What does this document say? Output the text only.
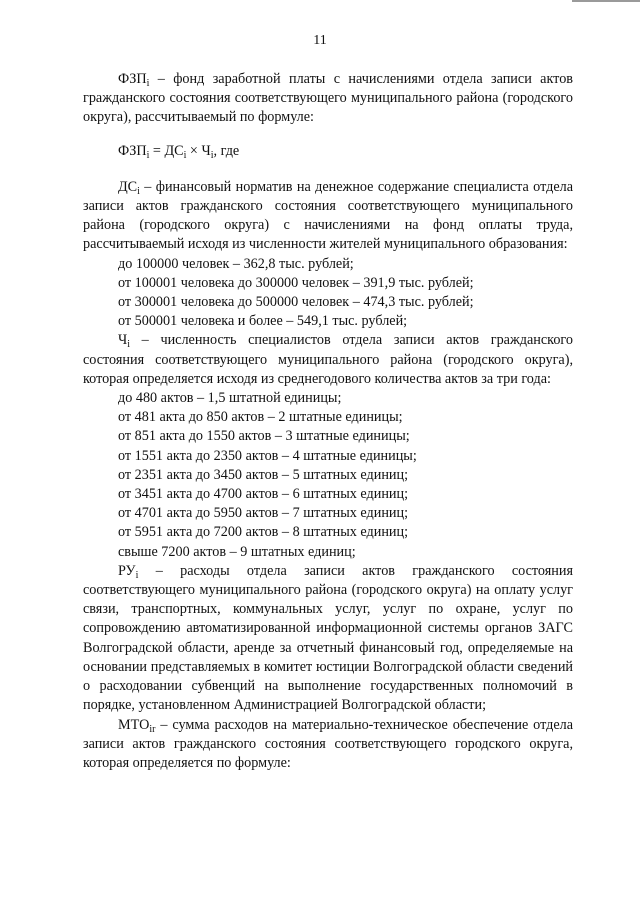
11

$ФЗП_i$ – фонд заработной платы с начислениями отдела записи актов гражданского состояния соответствующего муниципального района (городского округа), рассчитываемый по формуле:

$ФЗП_i = ДС_i \times Ч_i$, где

$ДС_i$ – финансовый норматив на денежное содержание специалиста отдела записи актов гражданского состояния соответствующего муниципального района (городского округа) с начислениями на фонд оплаты труда, рассчитываемый исходя из численности жителей муниципального образования:

до 100000 человек – 362,8 тыс. рублей;

от 100001 человека до 300000 человек – 391,9 тыс. рублей;

от 300001 человека до 500000 человек – 474,3 тыс. рублей;

от 500001 человека и более – 549,1 тыс. рублей;

$Ч_i$ – численность специалистов отдела записи актов гражданского состояния соответствующего муниципального района (городского округа), которая определяется исходя из среднегодового количества актов за три года:

до 480 актов – 1,5 штатной единицы;

от 481 акта до 850 актов – 2 штатные единицы;

от 851 акта до 1550 актов – 3 штатные единицы;

от 1551 акта до 2350 актов – 4 штатные единицы;

от 2351 акта до 3450 актов – 5 штатных единиц;

от 3451 акта до 4700 актов – 6 штатных единиц;

от 4701 акта до 5950 актов – 7 штатных единиц;

от 5951 акта до 7200 актов – 8 штатных единиц;

свыше 7200 актов – 9 штатных единиц;

$РУ_i$ – расходы отдела записи актов гражданского состояния соответствующего муниципального района (городского округа) на оплату услуг связи, транспортных, коммунальных услуг, услуг по охране, услуг по сопровождению автоматизированной информационной системы органов ЗАГС Волгоградской области, аренде за отчетный финансовый год, определяемые на основании представляемых в комитет юстиции Волгоградской области сведений о расходовании субвенций на выполнение государственных полномочий в порядке, установленном Администрацией Волгоградской области;

$МТО_{ir}$ – сумма расходов на материально-техническое обеспечение отдела записи актов гражданского состояния соответствующего городского округа, которая определяется по формуле:
